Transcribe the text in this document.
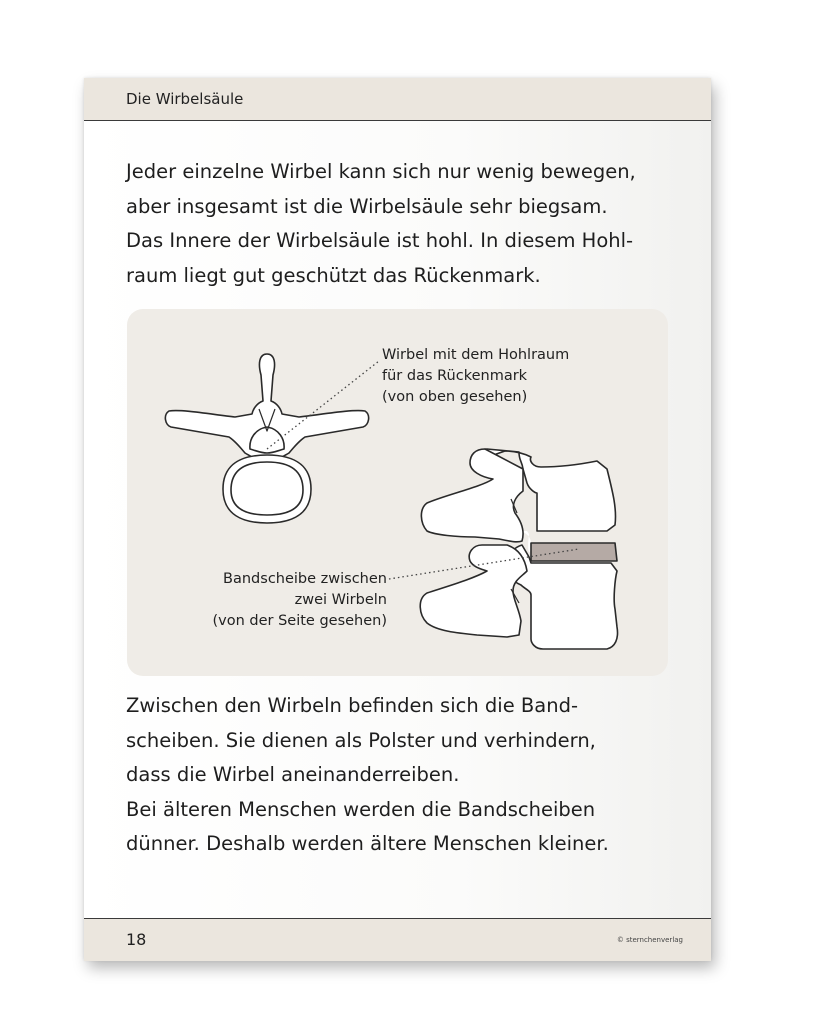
Die Wirbelsäule
Jeder einzelne Wirbel kann sich nur wenig bewegen,
aber insgesamt ist die Wirbelsäule sehr biegsam.
Das Innere der Wirbelsäule ist hohl. In diesem Hohl-
raum liegt gut geschützt das Rückenmark.
Wirbel mit dem Hohlraum
für das Rückenmark
(von oben gesehen)
Bandscheibe zwischen
zwei Wirbeln
(von der Seite gesehen)
Zwischen den Wirbeln befinden sich die Band-
scheiben. Sie dienen als Polster und verhindern,
dass die Wirbel aneinanderreiben.
Bei älteren Menschen werden die Bandscheiben
dünner. Deshalb werden ältere Menschen kleiner.
18	© sternchenverlag
